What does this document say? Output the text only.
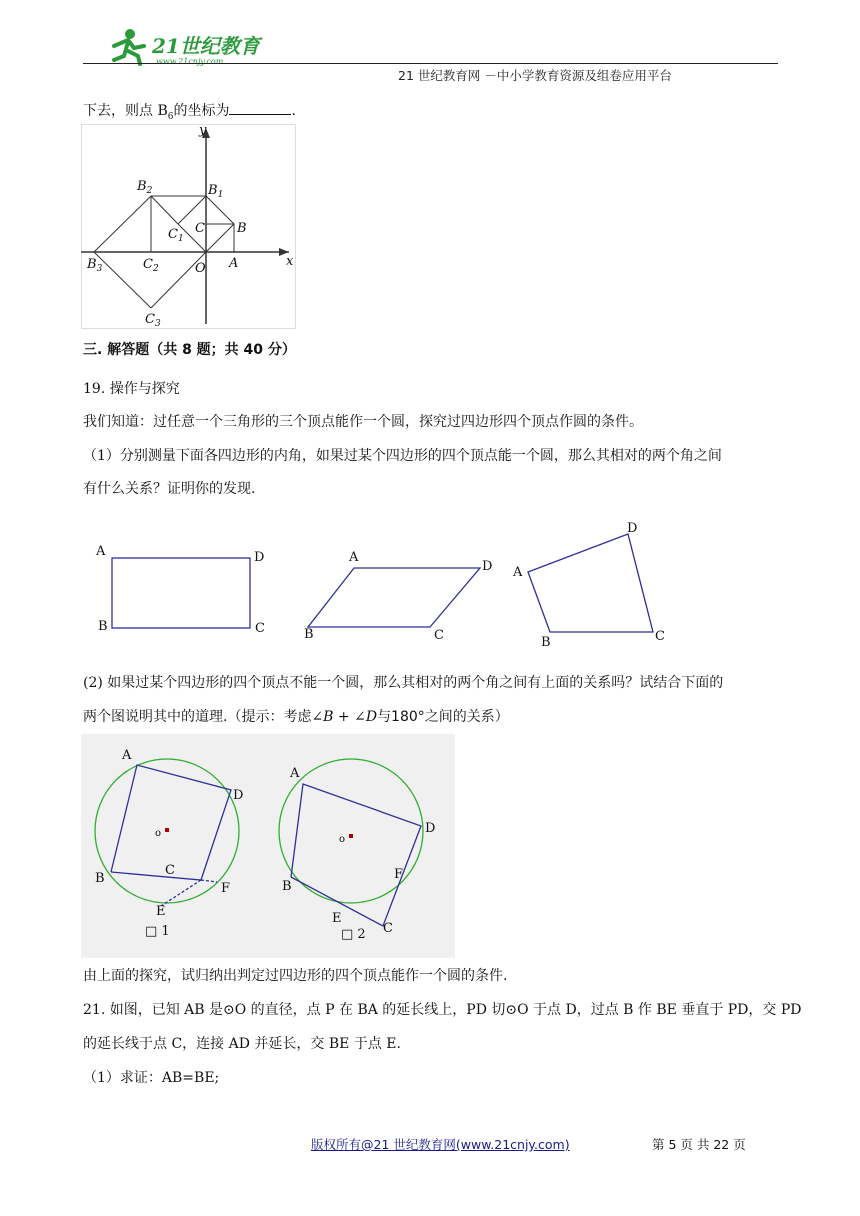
21世纪教育
www.21cnjy.com
21 世纪教育网 －中小学教育资源及组卷应用平台
下去，则点 $B_6$的坐标为	.
y
x
$B_2$	$B_1$
C B
$C_1$
$B_3$	$C_2$	O A
$C_3$
三. 解答题（共 8 题；共 40 分）
19. 操作与探究
我们知道：过任意一个三角形的三个顶点能作一个圆，探究过四边形四个顶点作圆的条件。
（1）分别测量下面各四边形的内角，如果过某个四边形的四个顶点能一个圆，那么其相对的两个角之间
有什么关系？证明你的发现.
A	D
B	C
A
D
B	C
A
D
B	C
(2) 如果过某个四边形的四个顶点不能一个圆，那么其相对的两个角之间有上面的关系吗？试结合下面的
两个图说明其中的道理.（提示：考虑∠B + ∠D与180°之间的关系）
A
D
o
C
B
F
E
□ 1
A
D
o
B
F
E
C
□ 2
由上面的探究，试归纳出判定过四边形的四个顶点能作一个圆的条件.
21. 如图，已知 AB 是⊙O 的直径，点 P 在 BA 的延长线上，PD 切⊙O 于点 D，过点 B 作 BE 垂直于 PD，交 PD
的延长线于点 C，连接 AD 并延长，交 BE 于点 E.
（1）求证：AB=BE;
版权所有@21 世纪教育网(www.21cnjy.com)	第 5 页 共 22 页
